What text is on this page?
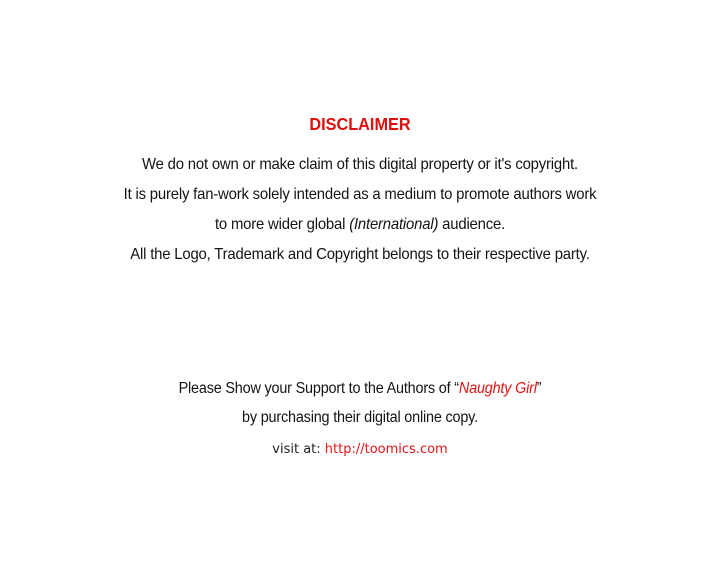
DISCLAIMER
We do not own or make claim of this digital property or it's copyright.
It is purely fan-work solely intended as a medium to promote authors work
to more wider global (International) audience.
All the Logo, Trademark and Copyright belongs to their respective party.
Please Show your Support to the Authors of “Naughty Girl”
by purchasing their digital online copy.
visit at: http://toomics.com
